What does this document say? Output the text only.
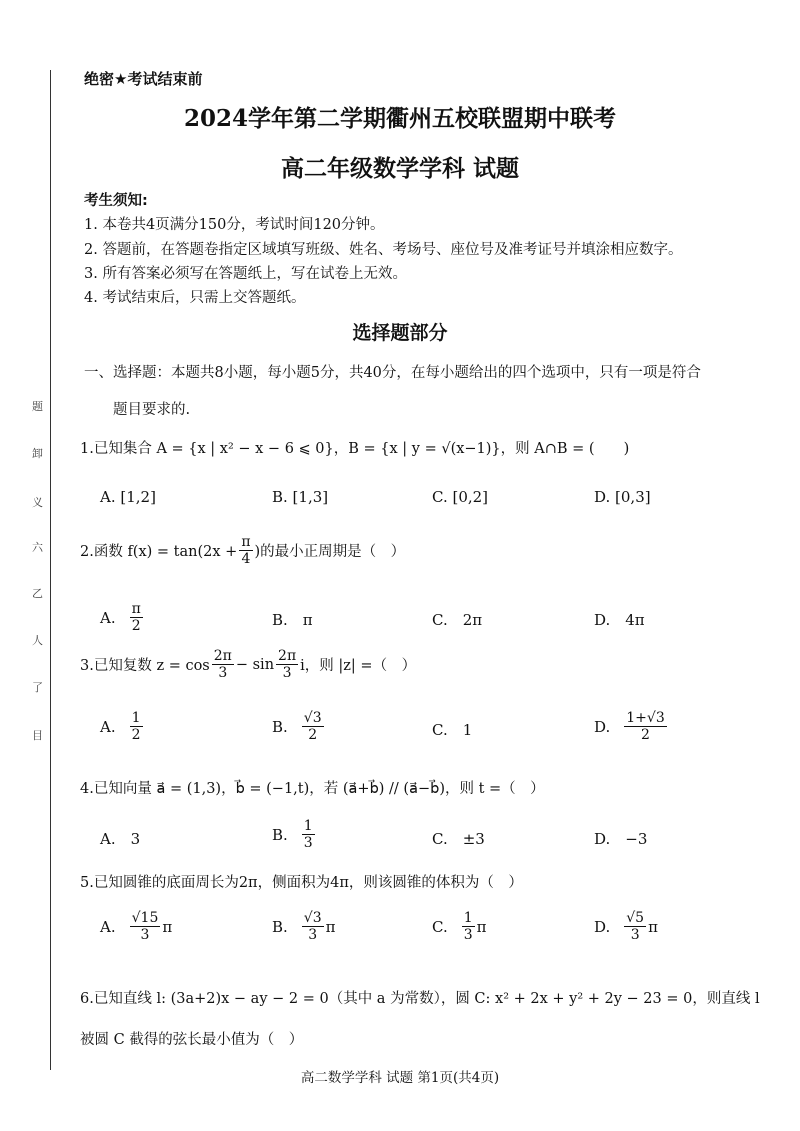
题
卸
义
六
乙
人
了
目
绝密★考试结束前
2024学年第二学期衢州五校联盟期中联考
高二年级数学学科 试题
考生须知:
1. 本卷共4页满分150分，考试时间120分钟。
2. 答题前，在答题卷指定区域填写班级、姓名、考场号、座位号及准考证号并填涂相应数字。
3. 所有答案必须写在答题纸上，写在试卷上无效。
4. 考试结束后，只需上交答题纸。
选择题部分
一、选择题：本题共8小题，每小题5分，共40分，在每小题给出的四个选项中，只有一项是符合
题目要求的.
1.已知集合 A = {x | x² − x − 6 ⩽ 0}，B = {x | y = √(x−1)}，则 A∩B = (　　)
A. [1,2]	B. [1,3]	C. [0,2]	D. [0,3]
2.函数 $f(x) = \tan(2x + \frac{\pi}{4}$ )的最小正周期是（　）
A. $\frac{\pi}{2}$	B.　π	C.　2π	D.　4π
3.已知复数 $z = \cos \frac{2\pi}{3} - \sin \frac{2\pi}{3}$ i，则 |z| =（　）
A. $\frac{1}{2}$	B. $\frac{√3}{2}$	C.　1	D. $\frac{1+√3}{2}$
4.已知向量 a⃗ = (1,3)，b⃗ = (−1,t)，若 (a⃗+b⃗) // (a⃗−b⃗)，则 t =（　）
A.　3	B. $\frac{1}{3}$	C.　±3	D.　−3
5.已知圆锥的底面周长为2π，侧面积为4π，则该圆锥的体积为（　）
A. $\frac{√15}{3}$ π	B. $\frac{√3}{3}$ π	C. $\frac{1}{3}$ π	D. $\frac{√5}{3}$ π
6.已知直线 l: (3a+2)x − ay − 2 = 0（其中 a 为常数），圆 C: x² + 2x + y² + 2y − 23 = 0，则直线 l
被圆 C 截得的弦长最小值为（　）
高二数学学科 试题 第1页(共4页)
